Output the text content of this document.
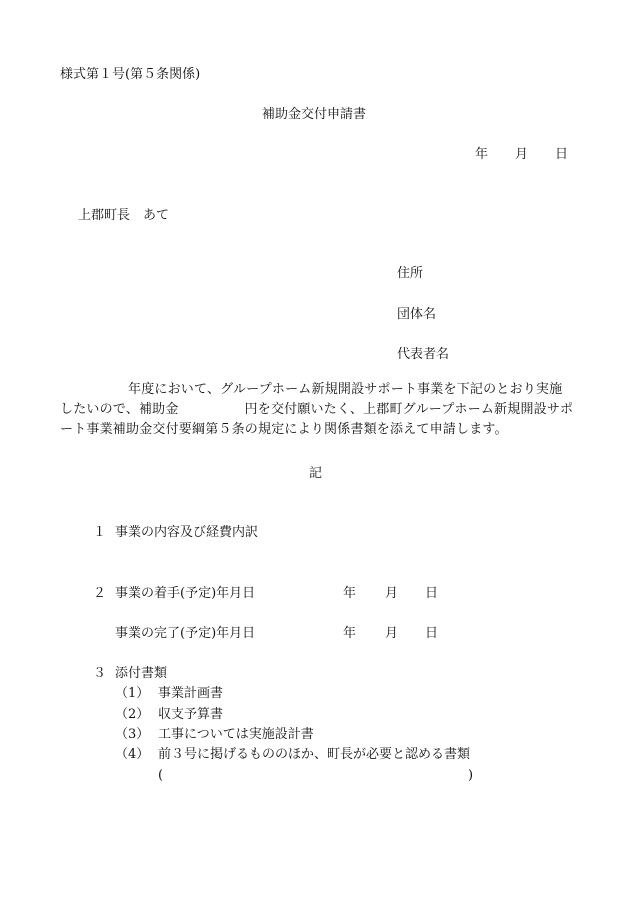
様式第１号(第５条関係)
補助金交付申請書
年 月 日
上郡町長　あて
住所
団体名
代表者名
年度において、グループホーム新規開設サポート事業を下記のとおり実施
したいので、補助金　　　　　円を交付願いたく、上郡町グループホーム新規開設サポ
ート事業補助金交付要綱第５条の規定により関係書類を添えて申請します。
記
１ 事業の内容及び経費内訳
２ 事業の着手(予定)年月日	年 月 日
事業の完了(予定)年月日	年 月 日
３ 添付書類
（1） 事業計画書
（2） 収支予算書
（3） 工事については実施設計書
（4） 前３号に掲げるもののほか、町長が必要と認める書類
(	)
